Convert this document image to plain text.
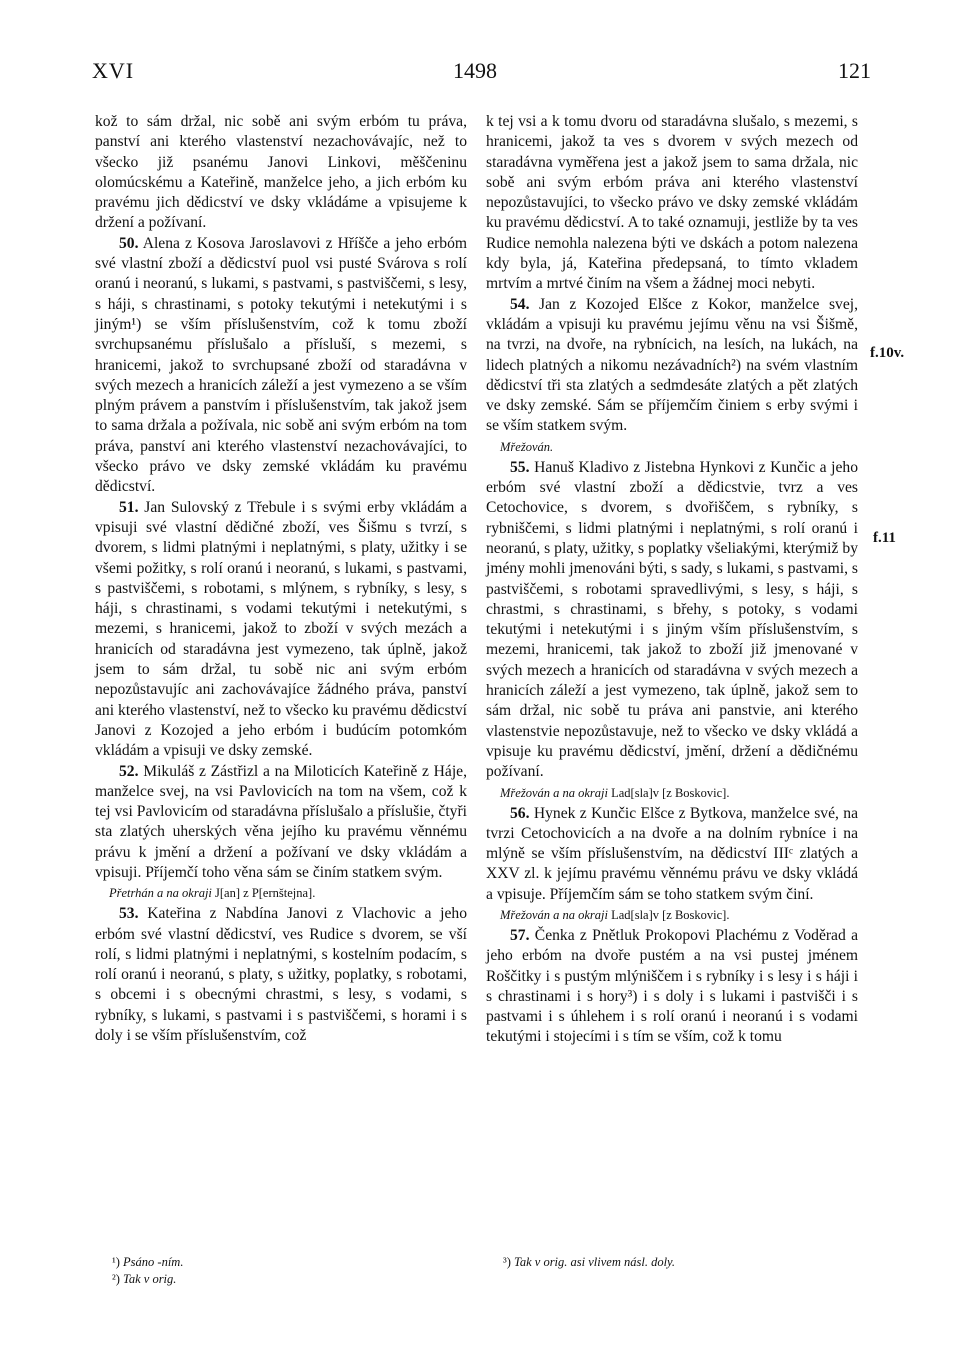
XVI	1498	121

kož to sám držal, nic sobě ani svým erbóm tu práva, panství ani kterého vlastenství nezachovávajíc, než to všecko již psanému Janovi Linkovi, měščeninu olomúcskému a Kateřině, manželce jeho, a jich erbóm ku pravému jich dědicství ve dsky vkládáme a vpisujeme k držení a požívaní.

50. Alena z Kosova Jaroslavovi z Hříšče a jeho erbóm své vlastní zboží a dědicství puol vsi pusté Svárova s rolí oranú i neoranú, s lukami, s pastvami, s pastviščemi, s lesy, s háji, s chrastinami, s potoky tekutými i netekutými i s jiným¹) se vším příslušenstvím, což k tomu zboží svrchupsanému příslušalo a přísluší, s mezemi, s hranicemi, jakož to svrchupsané zboží od staradávna v svých mezech a hranicích záleží a jest vymezeno a se vším plným právem a panstvím i příslušenstvím, tak jakož jsem to sama držala a požívala, nic sobě ani svým erbóm na tom práva, panství ani kterého vlastenství nezachovávajíci, to všecko právo ve dsky zemské vkládám ku pravému dědicství.

51. Jan Sulovský z Třebule i s svými erby vkládám a vpisuji své vlastní dědičné zboží, ves Šišmu s tvrzí, s dvorem, s lidmi platnými i neplatnými, s platy, užitky i se všemi požitky, s rolí oranú i neoranú, s lukami, s pastvami, s pastviščemi, s robotami, s mlýnem, s rybníky, s lesy, s háji, s chrastinami, s vodami tekutými i netekutými, s mezemi, s hranicemi, jakož to zboží v svých mezách a hranicích od staradávna jest vymezeno, tak úplně, jakož jsem to sám držal, tu sobě nic ani svým erbóm nepozůstavujíc ani zachovávajíce žádného práva, panství ani kterého vlastenství, než to všecko ku pravému dědicství Janovi z Kozojed a jeho erbóm i budúcím potomkóm vkládám a vpisuji ve dsky zemské.

52. Mikuláš z Zástřizl a na Miloticích Kateřině z Háje, manželce svej, na vsi Pavlovicích na tom na všem, což k tej vsi Pavlovicím od staradávna příslušalo a příslušie, čtyři sta zlatých uherských věna jejího ku pravému věnnému právu k jmění a držení a požívaní ve dsky vkládám a vpisuji. Příjemčí toho věna sám se činím statkem svým.

Přetrhán a na okraji J[an] z P[ernštejna].

53. Kateřina z Nabdína Janovi z Vlachovic a jeho erbóm své vlastní dědicství, ves Rudice s dvorem, se vší rolí, s lidmi platnými i neplatnými, s kostelním podacím, s rolí oranú i neoranú, s platy, s užitky, poplatky, s robotami, s obcemi i s obecnými chrastmi, s lesy, s vodami, s rybníky, s lukami, s pastvami i s pastviščemi, s horami i s doly i se vším příslušenstvím, což

k tej vsi a k tomu dvoru od staradávna slušalo, s mezemi, s hranicemi, jakož ta ves s dvorem v svých mezech od staradávna vyměřena jest a jakož jsem to sama držala, nic sobě ani svým erbóm práva ani kterého vlastenství nepozůstavujíci, to všecko právo ve dsky zemské vkládám ku pravému dědicství. A to také oznamuji, jestliže by ta ves Rudice nemohla nalezena býti ve dskách a potom nalezena kdy byla, já, Kateřina předepsaná, to tímto vkladem mrtvím a mrtvé činím na všem a žádnej moci nebyti.

54. Jan z Kozojed Elšce z Kokor, manželce svej, vkládám a vpisuji ku pravému jejímu věnu na vsi Šišmě, na tvrzi, na dvoře, na rybnícich, na lesích, na lukách, na lidech platných a nikomu nezávadních²) na svém vlastním dědicství tři sta zlatých a sedmdesáte zlatých a pět zlatých ve dsky zemské. Sám se příjemčím činiem s erby svými i se vším statkem svým.

Mřežován.

55. Hanuš Kladivo z Jistebna Hynkovi z Kunčic a jeho erbóm své vlastní zboží a dědicstvie, tvrz a ves Cetochovice, s dvorem, s dvořiščem, s rybníky, s rybniščemi, s lidmi platnými i neplatnými, s rolí oranú i neoranú, s platy, užitky, s poplatky všeliakými, kterýmiž by jmény mohli jmenováni býti, s sady, s lukami, s pastvami, s pastviščemi, s robotami spravedlivými, s lesy, s háji, s chrastmi, s chrastinami, s břehy, s potoky, s vodami tekutými i netekutými i s jiným vším příslušenstvím, s mezemi, hranicemi, tak jakož to zboží již jmenované v svých mezech a hranicích od staradávna v svých mezech a hranicích záleží a jest vymezeno, tak úplně, jakož sem to sám držal, nic sobě tu práva ani panstvie, ani kterého vlastenstvie nepozůstavuje, než to všecko ve dsky vkládá a vpisuje ku pravému dědicství, jmění, držení a dědičnému požívaní.

Mřežován a na okraji Lad[sla]v [z Boskovic].

56. Hynek z Kunčic Elšce z Bytkova, manželce své, na tvrzi Cetochovicích a na dvoře a na dolním rybníce i na mlýně se vším příslušenstvím, na dědicství IIIᶜ zlatých a XXV zl. k jejímu pravému věnnému právu ve dsky vkládá a vpisuje. Příjemčím sám se toho statkem svým činí.

Mřežován a na okraji Lad[sla]v [z Boskovic].

57. Čenka z Pnětluk Prokopovi Plachému z Voděrad a jeho erbóm na dvoře pustém a na vsi pustej jménem Roščitky i s pustým mlýniščem i s rybníky i s lesy i s háji i s chrastinami i s hory³) i s doly i s lukami i pastvišči i s pastvami i s úhlehem i s rolí oranú i neoranú i s vodami tekutými i stojecími i s tím se vším, což k tomu

f.10v.
f.11
¹) Psáno -ním.
²) Tak v orig.
³) Tak v orig. asi vlivem násl. doly.
